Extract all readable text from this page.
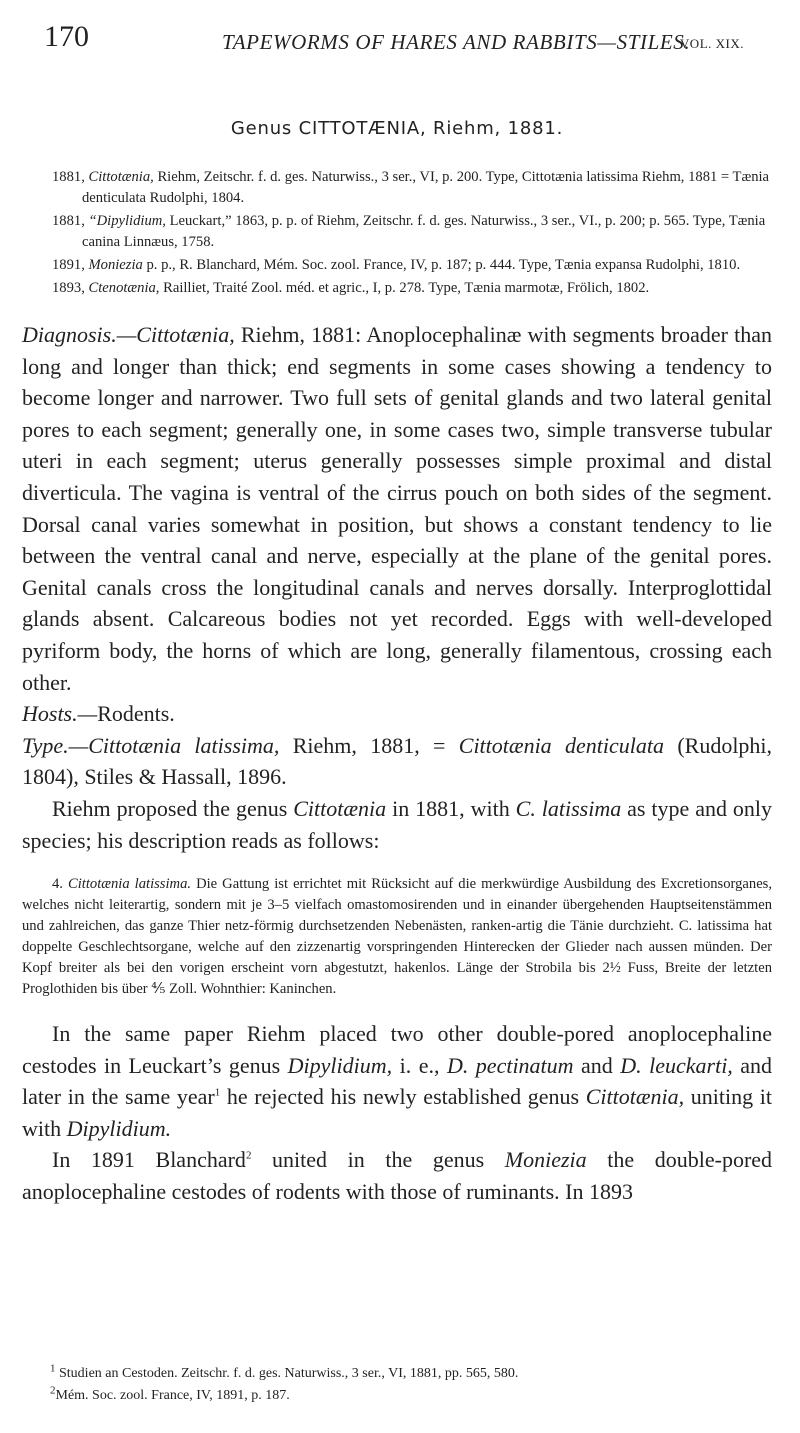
170	TAPEWORMS OF HARES AND RABBITS—STILES.
VOL. XIX.
Genus CITTOTÆNIA, Riehm, 1881.

1881, Cittotænia, Riehm, Zeitschr. f. d. ges. Naturwiss., 3 ser., VI, p. 200. Type, Cittotænia latissima Riehm, 1881 = Tænia denticulata Rudolphi, 1804.

1881, “Dipylidium, Leuckart,” 1863, p. p. of Riehm, Zeitschr. f. d. ges. Naturwiss., 3 ser., VI., p. 200; p. 565. Type, Tænia canina Linnæus, 1758.

1891, Moniezia p. p., R. Blanchard, Mém. Soc. zool. France, IV, p. 187; p. 444. Type, Tænia expansa Rudolphi, 1810.

1893, Ctenotænia, Railliet, Traité Zool. méd. et agric., I, p. 278. Type, Tænia marmotæ, Frölich, 1802.

Diagnosis.—Cittotænia, Riehm, 1881: Anoplocephalinæ with segments broader than long and longer than thick; end segments in some cases showing a tendency to become longer and narrower. Two full sets of genital glands and two lateral genital pores to each segment; generally one, in some cases two, simple transverse tubular uteri in each segment; uterus generally possesses simple proximal and distal diverticula. The vagina is ventral of the cirrus pouch on both sides of the segment. Dorsal canal varies somewhat in position, but shows a constant tendency to lie between the ventral canal and nerve, especially at the plane of the genital pores. Genital canals cross the longitudinal canals and nerves dorsally. Interproglottidal glands absent. Calcareous bodies not yet recorded. Eggs with well-developed pyriform body, the horns of which are long, generally filamentous, crossing each other.

Hosts.—Rodents.

Type.—Cittotænia latissima, Riehm, 1881, = Cittotænia denticulata (Rudolphi, 1804), Stiles & Hassall, 1896.

Riehm proposed the genus Cittotænia in 1881, with C. latissima as type and only species; his description reads as follows:

4. Cittotænia latissima. Die Gattung ist errichtet mit Rücksicht auf die merkwürdige Ausbildung des Excretionsorganes, welches nicht leiterartig, sondern mit je 3–5 vielfach omastomosirenden und in einander übergehenden Hauptseitenstämmen und zahlreichen, das ganze Thier netz-förmig durchsetzenden Nebenästen, ranken-artig die Tänie durchzieht. C. latissima hat doppelte Geschlechtsorgane, welche auf den zizzenartig vorspringenden Hinterecken der Glieder nach aussen münden. Der Kopf breiter als bei den vorigen erscheint vorn abgestutzt, hakenlos. Länge der Strobila bis 2½ Fuss, Breite der letzten Proglothiden bis über ⅘ Zoll. Wohnthier: Kaninchen.

In the same paper Riehm placed two other double-pored anoplocephaline cestodes in Leuckart’s genus Dipylidium, i. e., D. pectinatum and D. leuckarti, and later in the same year$^1$ he rejected his newly established genus Cittotænia, uniting it with Dipylidium.

In 1891 Blanchard$^2$ united in the genus Moniezia the double-pored anoplocephaline cestodes of rodents with those of ruminants. In 1893

$^1$ Studien an Cestoden. Zeitschr. f. d. ges. Naturwiss., 3 ser., VI, 1881, pp. 565, 580.
$^2$Mém. Soc. zool. France, IV, 1891, p. 187.
